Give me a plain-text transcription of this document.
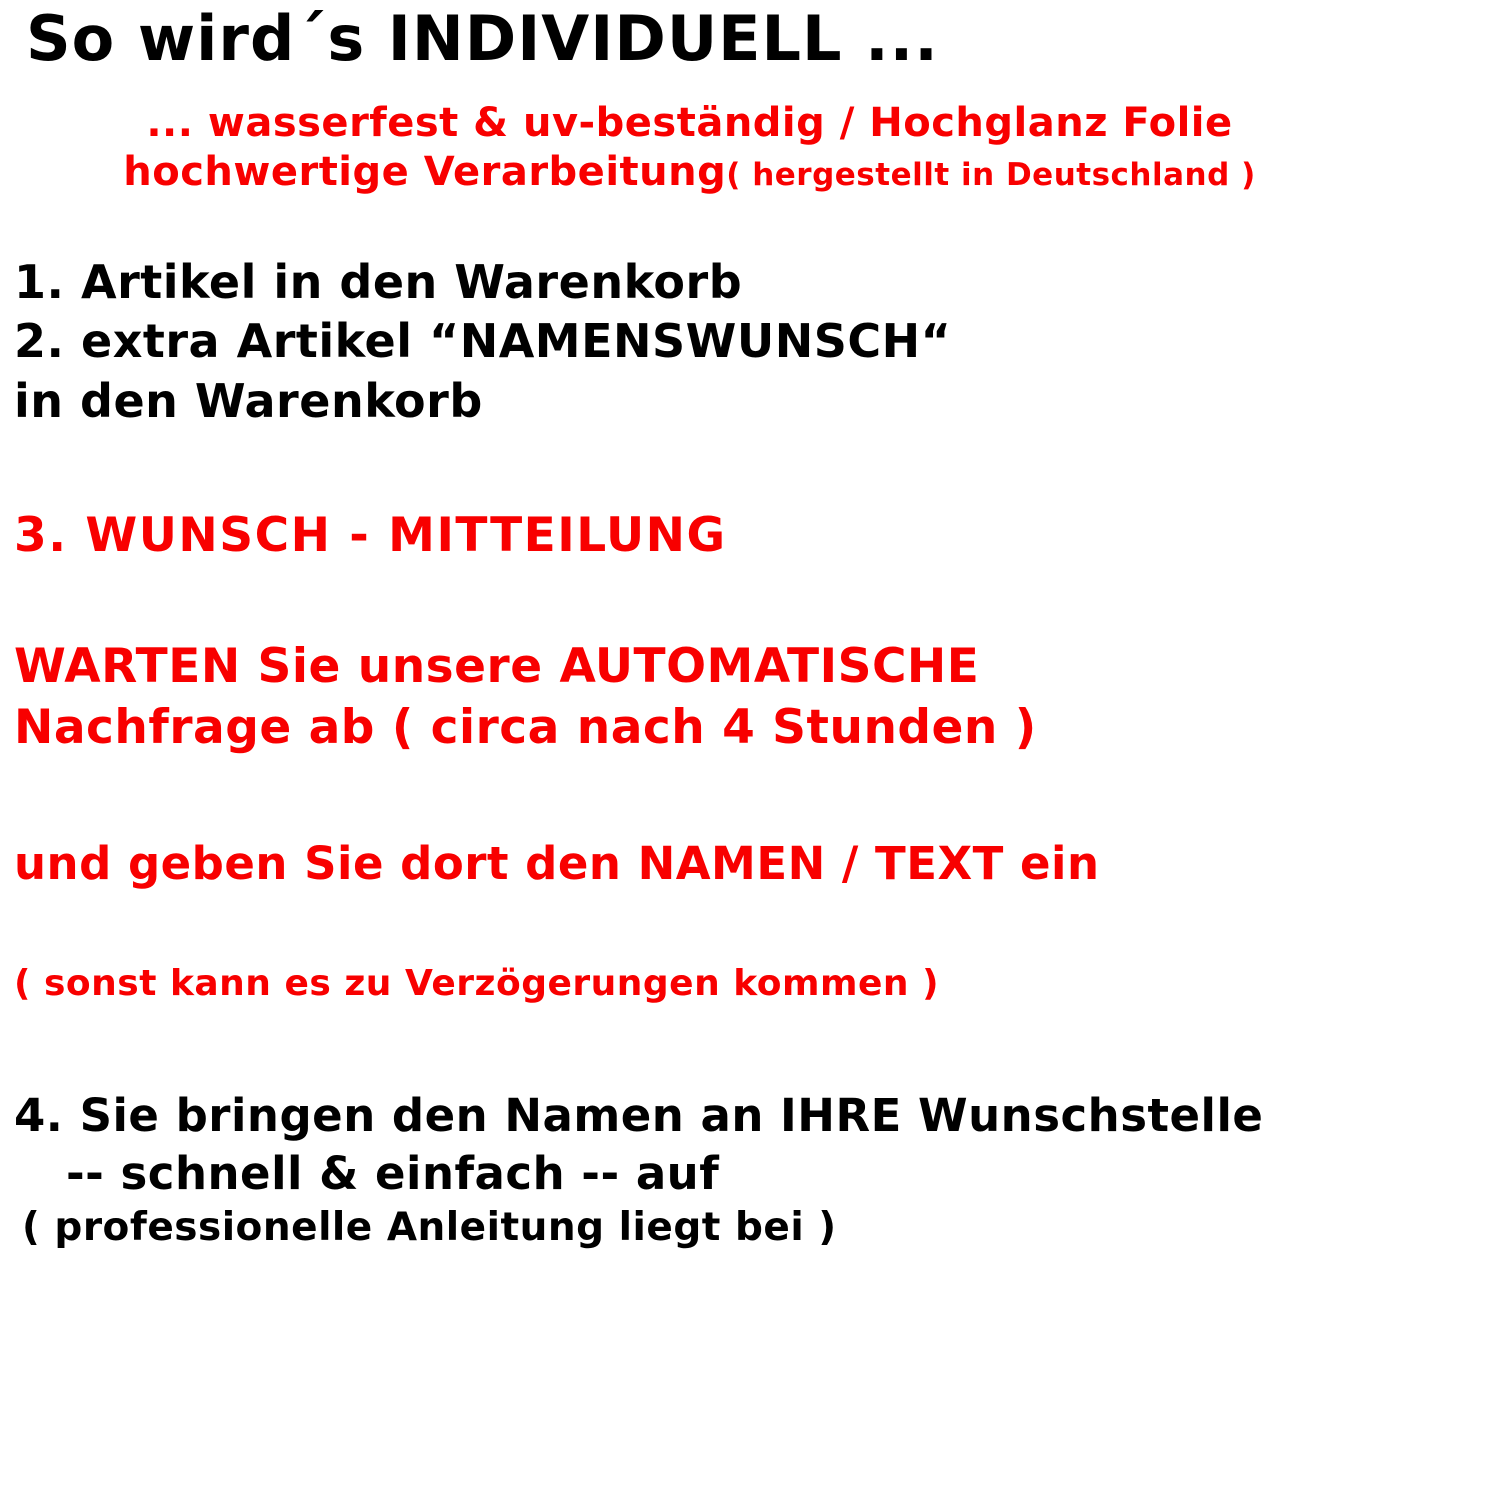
So wird´s INDIVIDUELL ...
... wasserfest & uv-beständig / Hochglanz Folie
hochwertige Verarbeitung( hergestellt in Deutschland )
1. Artikel in den Warenkorb
2. extra Artikel “NAMENSWUNSCH“
in den Warenkorb
3. WUNSCH - MITTEILUNG
WARTEN Sie unsere AUTOMATISCHE
Nachfrage ab ( circa nach 4 Stunden )
und geben Sie dort den NAMEN / TEXT ein
( sonst kann es zu Verzögerungen kommen )
4. Sie bringen den Namen an IHRE Wunschstelle
-- schnell & einfach -- auf
( professionelle Anleitung liegt bei )
